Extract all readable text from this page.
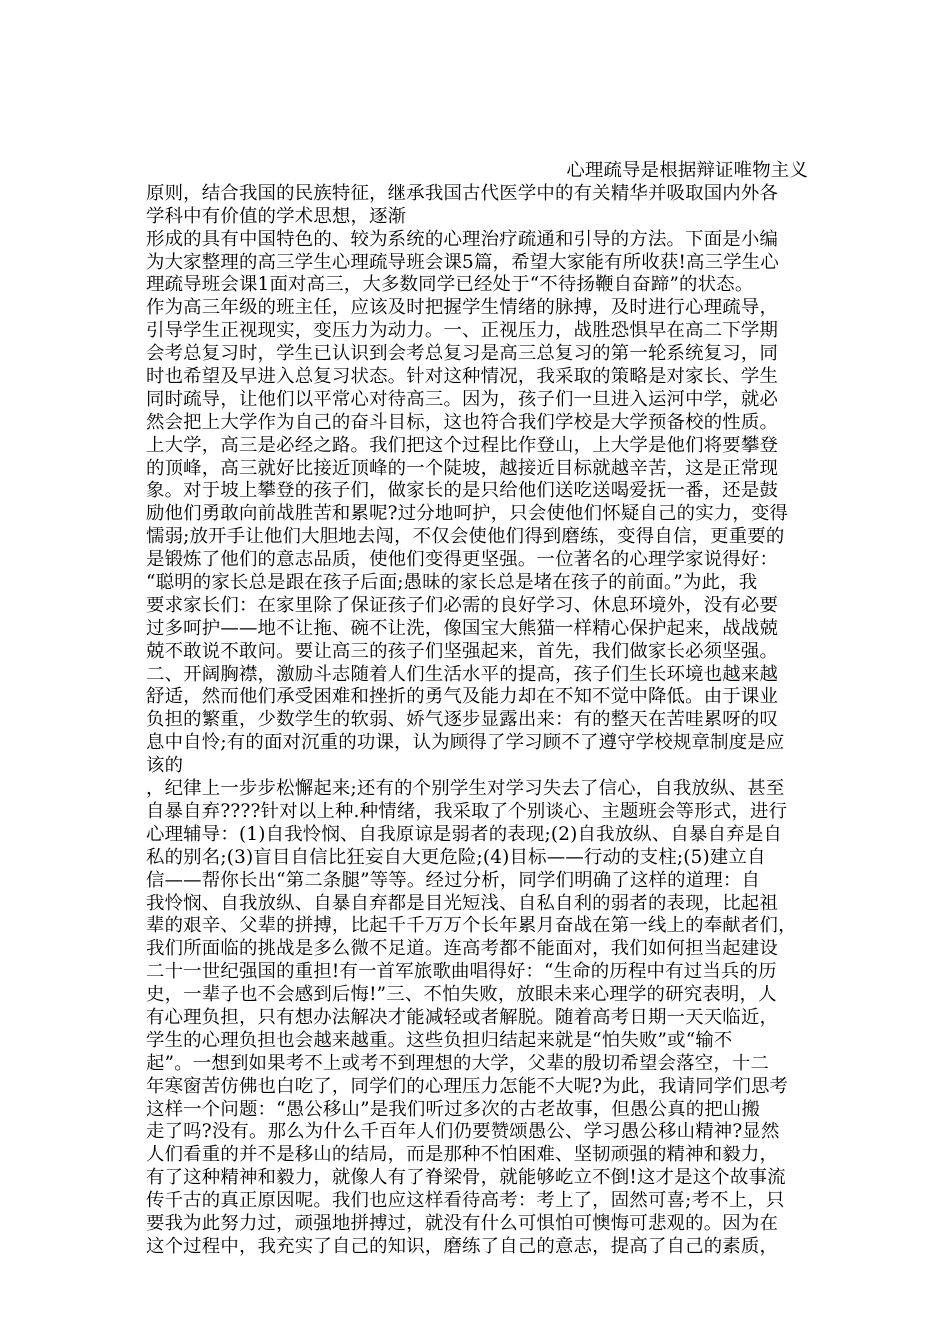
心理疏导是根据辩证唯物主义
原则，结合我国的民族特征，继承我国古代医学中的有关精华并吸取国内外各
学科中有价值的学术思想，逐渐
形成的具有中国特色的、较为系统的心理治疗疏通和引导的方法。下面是小编
为大家整理的高三学生心理疏导班会课5篇，希望大家能有所收获!高三学生心
理疏导班会课1面对高三，大多数同学已经处于“不待扬鞭自奋蹄”的状态。
作为高三年级的班主任，应该及时把握学生情绪的脉搏，及时进行心理疏导，
引导学生正视现实，变压力为动力。一、正视压力，战胜恐惧早在高二下学期
会考总复习时，学生已认识到会考总复习是高三总复习的第一轮系统复习，同
时也希望及早进入总复习状态。针对这种情况，我采取的策略是对家长、学生
同时疏导，让他们以平常心对待高三。因为，孩子们一旦进入运河中学，就必
然会把上大学作为自己的奋斗目标，这也符合我们学校是大学预备校的性质。
上大学，高三是必经之路。我们把这个过程比作登山，上大学是他们将要攀登
的顶峰，高三就好比接近顶峰的一个陡坡，越接近目标就越辛苦，这是正常现
象。对于坡上攀登的孩子们，做家长的是只给他们送吃送喝爱抚一番，还是鼓
励他们勇敢向前战胜苦和累呢?过分地呵护，只会使他们怀疑自己的实力，变得
懦弱;放开手让他们大胆地去闯，不仅会使他们得到磨练，变得自信，更重要的
是锻炼了他们的意志品质，使他们变得更坚强。一位著名的心理学家说得好：
“聪明的家长总是跟在孩子后面;愚昧的家长总是堵在孩子的前面。”为此，我
要求家长们：在家里除了保证孩子们必需的良好学习、休息环境外，没有必要
过多呵护——地不让拖、碗不让洗，像国宝大熊猫一样精心保护起来，战战兢
兢不敢说不敢问。要让高三的孩子们坚强起来，首先，我们做家长必须坚强。
二、开阔胸襟，激励斗志随着人们生活水平的提高，孩子们生长环境也越来越
舒适，然而他们承受困难和挫折的勇气及能力却在不知不觉中降低。由于课业
负担的繁重，少数学生的软弱、娇气逐步显露出来：有的整天在苦哇累呀的叹
息中自怜;有的面对沉重的功课，认为顾得了学习顾不了遵守学校规章制度是应
该的
，纪律上一步步松懈起来;还有的个别学生对学习失去了信心，自我放纵、甚至
自暴自弃????针对以上种.种情绪，我采取了个别谈心、主题班会等形式，进行
心理辅导：(1)自我怜悯、自我原谅是弱者的表现;(2)自我放纵、自暴自弃是自
私的别名;(3)盲目自信比狂妄自大更危险;(4)目标——行动的支柱;(5)建立自
信——帮你长出“第二条腿”等等。经过分析，同学们明确了这样的道理：自
我怜悯、自我放纵、自暴自弃都是目光短浅、自私自利的弱者的表现，比起祖
辈的艰辛、父辈的拼搏，比起千千万万个长年累月奋战在第一线上的奉献者们，
我们所面临的挑战是多么微不足道。连高考都不能面对，我们如何担当起建设
二十一世纪强国的重担!有一首军旅歌曲唱得好：“生命的历程中有过当兵的历
史，一辈子也不会感到后悔!”三、不怕失败，放眼未来心理学的研究表明，人
有心理负担，只有想办法解决才能减轻或者解脱。随着高考日期一天天临近，
学生的心理负担也会越来越重。这些负担归结起来就是“怕失败”或“输不
起”。一想到如果考不上或考不到理想的大学，父辈的殷切希望会落空，十二
年寒窗苦仿佛也白吃了，同学们的心理压力怎能不大呢?为此，我请同学们思考
这样一个问题：“愚公移山”是我们听过多次的古老故事，但愚公真的把山搬
走了吗?没有。那么为什么千百年人们仍要赞颂愚公、学习愚公移山精神?显然
人们看重的并不是移山的结局，而是那种不怕困难、坚韧顽强的精神和毅力，
有了这种精神和毅力，就像人有了脊梁骨，就能够屹立不倒!这才是这个故事流
传千古的真正原因呢。我们也应这样看待高考：考上了，固然可喜;考不上，只
要我为此努力过，顽强地拼搏过，就没有什么可惧怕可懊悔可悲观的。因为在
这个过程中，我充实了自己的知识，磨练了自己的意志，提高了自己的素质，
